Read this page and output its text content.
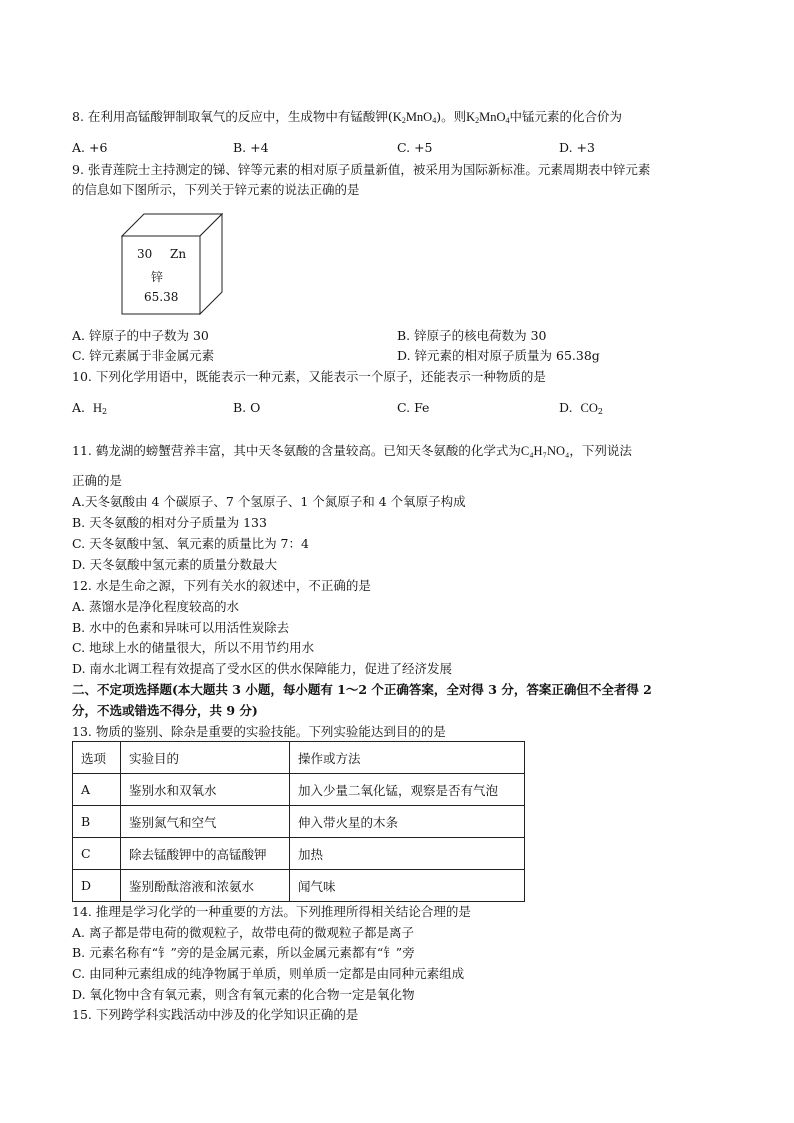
8. 在利用高锰酸钾制取氧气的反应中，生成物中有锰酸钾$(K_2MnO_4)$。则$K_2MnO_4$中锰元素的化合价为
A. +6	B. +4	C. +5	D. +3
9. 张青莲院士主持测定的锑、锌等元素的相对原子质量新值，被采用为国际新标准。元素周期表中锌元素
的信息如下图所示，下列关于锌元素的说法正确的是
30 Zn
锌
65.38
A. 锌原子的中子数为 30	B. 锌原子的核电荷数为 30
C. 锌元素属于非金属元素	D. 锌元素的相对原子质量为 65.38g
10. 下列化学用语中，既能表示一种元素，又能表示一个原子，还能表示一种物质的是
A. $H_2$	B. O	C. Fe	D. $CO_2$
11. 鹤龙湖的螃蟹营养丰富，其中天冬氨酸的含量较高。已知天冬氨酸的化学式为C₄H₇NO₄，下列说法
正确的是
A.天冬氨酸由 4 个碳原子、7 个氢原子、1 个氮原子和 4 个氧原子构成
B. 天冬氨酸的相对分子质量为 133
C. 天冬氨酸中氢、氧元素的质量比为 7：4
D. 天冬氨酸中氢元素的质量分数最大
12. 水是生命之源，下列有关水的叙述中，不正确的是
A. 蒸馏水是净化程度较高的水
B. 水中的色素和异味可以用活性炭除去
C. 地球上水的储量很大，所以不用节约用水
D. 南水北调工程有效提高了受水区的供水保障能力，促进了经济发展
二、不定项选择题(本大题共 3 小题，每小题有 1～2 个正确答案，全对得 3 分，答案正确但不全者得 2
分，不选或错选不得分，共 9 分)
13. 物质的鉴别、除杂是重要的实验技能。下列实验能达到目的的是
选项	实验目的	操作或方法
A	鉴别水和双氧水	加入少量二氧化锰，观察是否有气泡
B	鉴别氮气和空气	伸入带火星的木条
C	除去锰酸钾中的高锰酸钾	加热
D	鉴别酚酞溶液和浓氨水	闻气味
14. 推理是学习化学的一种重要的方法。下列推理所得相关结论合理的是
A. 离子都是带电荷的微观粒子，故带电荷的微观粒子都是离子
B. 元素名称有“钅”旁的是金属元素，所以金属元素都有“钅”旁
C. 由同种元素组成的纯净物属于单质，则单质一定都是由同种元素组成
D. 氧化物中含有氧元素，则含有氧元素的化合物一定是氧化物
15. 下列跨学科实践活动中涉及的化学知识正确的是
